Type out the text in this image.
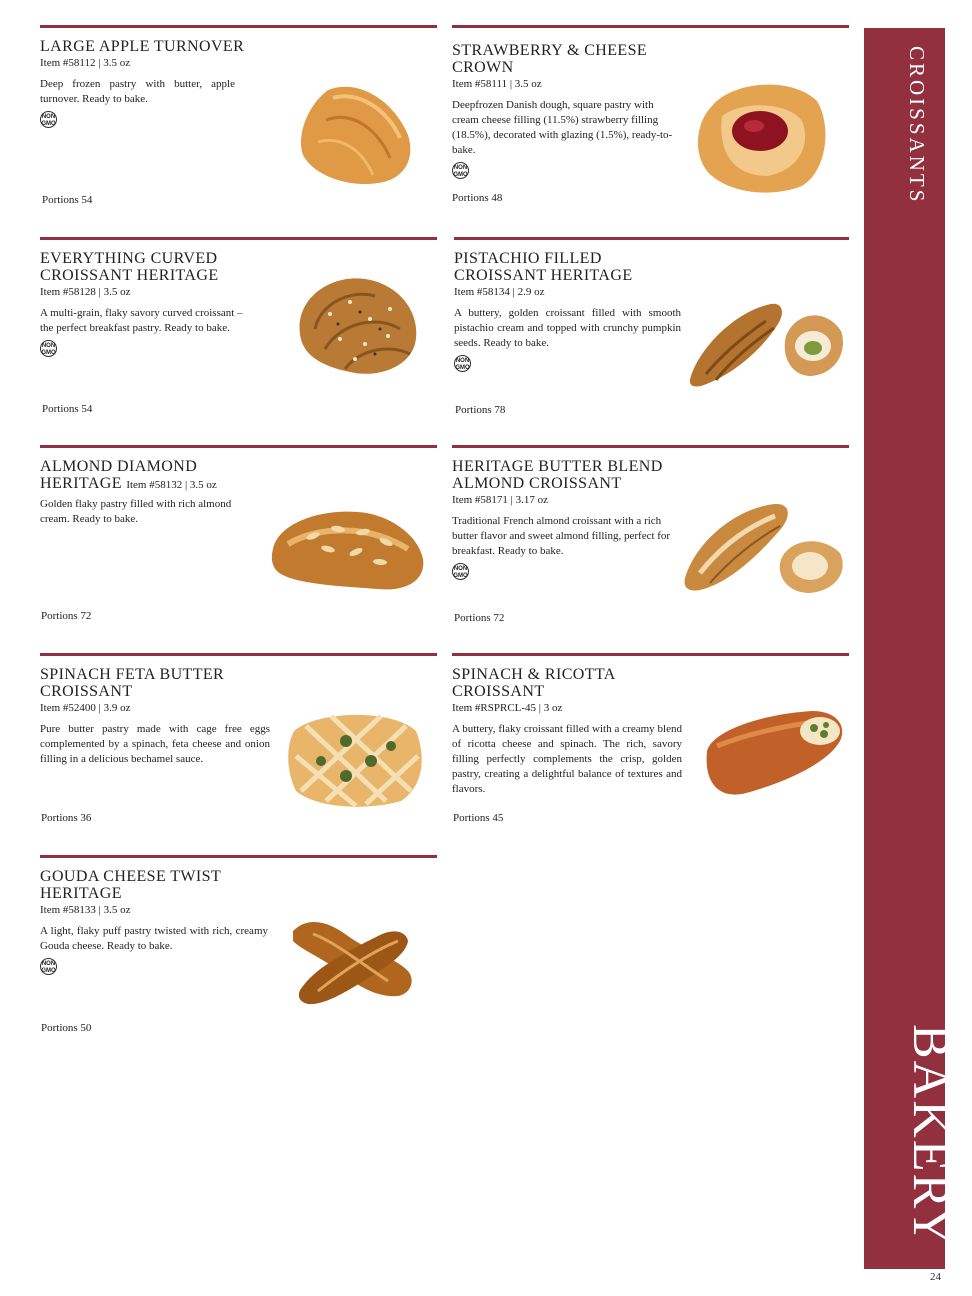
CROISSANTS
BAKERY
24
LARGE APPLE TURNOVER
Item #58112 | 3.5 oz
Deep frozen pastry with butter, apple turnover. Ready to bake.
NON GMO
Portions 54
STRAWBERRY & CHEESE CROWN
Item #58111 | 3.5 oz
Deepfrozen Danish dough, square pastry with cream cheese filling (11.5%) strawberry filling (18.5%), decorated with glazing (1.5%), ready-to-bake.
NON GMO
Portions 48
EVERYTHING CURVED CROISSANT HERITAGE
Item #58128 | 3.5 oz
A multi-grain, flaky savory curved croissant – the perfect breakfast pastry. Ready to bake.
NON GMO
Portions 54
PISTACHIO FILLED CROISSANT HERITAGE
Item #58134 | 2.9 oz
A buttery, golden croissant filled with smooth pistachio cream and topped with crunchy pumpkin seeds. Ready to bake.
NON GMO
Portions 78
ALMOND DIAMOND HERITAGE Item #58132 | 3.5 oz
Golden flaky pastry filled with rich almond cream. Ready to bake.
Portions 72
HERITAGE BUTTER BLEND ALMOND CROISSANT
Item #58171 | 3.17 oz
Traditional French almond croissant with a rich butter flavor and sweet almond filling, perfect for breakfast. Ready to bake.
NON GMO
Portions 72
SPINACH FETA BUTTER CROISSANT
Item #52400 | 3.9 oz
Pure butter pastry made with cage free eggs complemented by a spinach, feta cheese and onion filling in a delicious bechamel sauce.
Portions 36
SPINACH & RICOTTA CROISSANT
Item #RSPRCL-45 | 3 oz
A buttery, flaky croissant filled with a creamy blend of ricotta cheese and spinach. The rich, savory filling perfectly complements the crisp, golden pastry, creating a delightful balance of textures and flavors.
Portions 45
GOUDA CHEESE TWIST HERITAGE
Item #58133 | 3.5 oz
A light, flaky puff pastry twisted with rich, creamy Gouda cheese. Ready to bake.
NON GMO
Portions 50
